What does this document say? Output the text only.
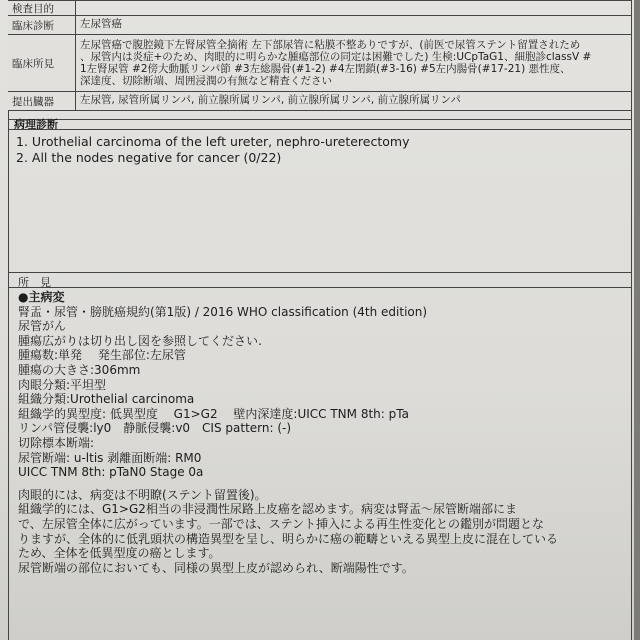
検査目的
臨床診断	左尿管癌
臨床所見
左尿管癌で腹腔鏡下左腎尿管全摘術 左下部尿管に粘膜不整ありですが、(前医で尿管ステント留置されため
、尿管内は炎症+のため、肉眼的に明らかな腫瘍部位の同定は困難でした) 生検:UCpTaG1、細胞診classV #
1左腎尿管 #2傍大動脈リンパ節 #3左総腸骨(#1-2) #4左閉鎖(#3-16) #5左内腸骨(#17-21) 悪性度、
深達度、切除断端、周囲浸潤の有無など精査ください
提出臓器	左尿管, 尿管所属リンパ, 前立腺所属リンパ, 前立腺所属リンパ, 前立腺所属リンパ
病理診断
1. Urothelial carcinoma of the left ureter, nephro-ureterectomy
2. All the nodes negative for cancer (0/22)
所　見
●主病変
腎盂・尿管・膀胱癌規約(第1版) / 2016 WHO classification (4th edition)
尿管がん
腫瘍広がりは切り出し図を参照してください.
腫瘍数:単発　 発生部位:左尿管
腫瘍の大きさ:306mm
肉眼分類:平坦型
組織分類:Urothelial carcinoma
組織学的異型度: 低異型度　 G1>G2　 壁内深達度:UICC TNM 8th: pTa
リンパ管侵襲:ly0　静脈侵襲:v0　CIS pattern: (-)
切除標本断端:
尿管断端: u-ltis 剥離面断端: RM0
UICC TNM 8th: pTaN0 Stage 0a
肉眼的には、病変は不明瞭(ステント留置後)。
組織学的には、G1>G2相当の非浸潤性尿路上皮癌を認めます。病変は腎盂～尿管断端部にま
で、左尿管全体に広がっています。一部では、ステント挿入による再生性変化との鑑別が問題とな
りますが、全体的に低乳頭状の構造異型を呈し、明らかに癌の範疇といえる異型上皮に混在している
ため、全体を低異型度の癌とします。
尿管断端の部位においても、同様の異型上皮が認められ、断端陽性です。
